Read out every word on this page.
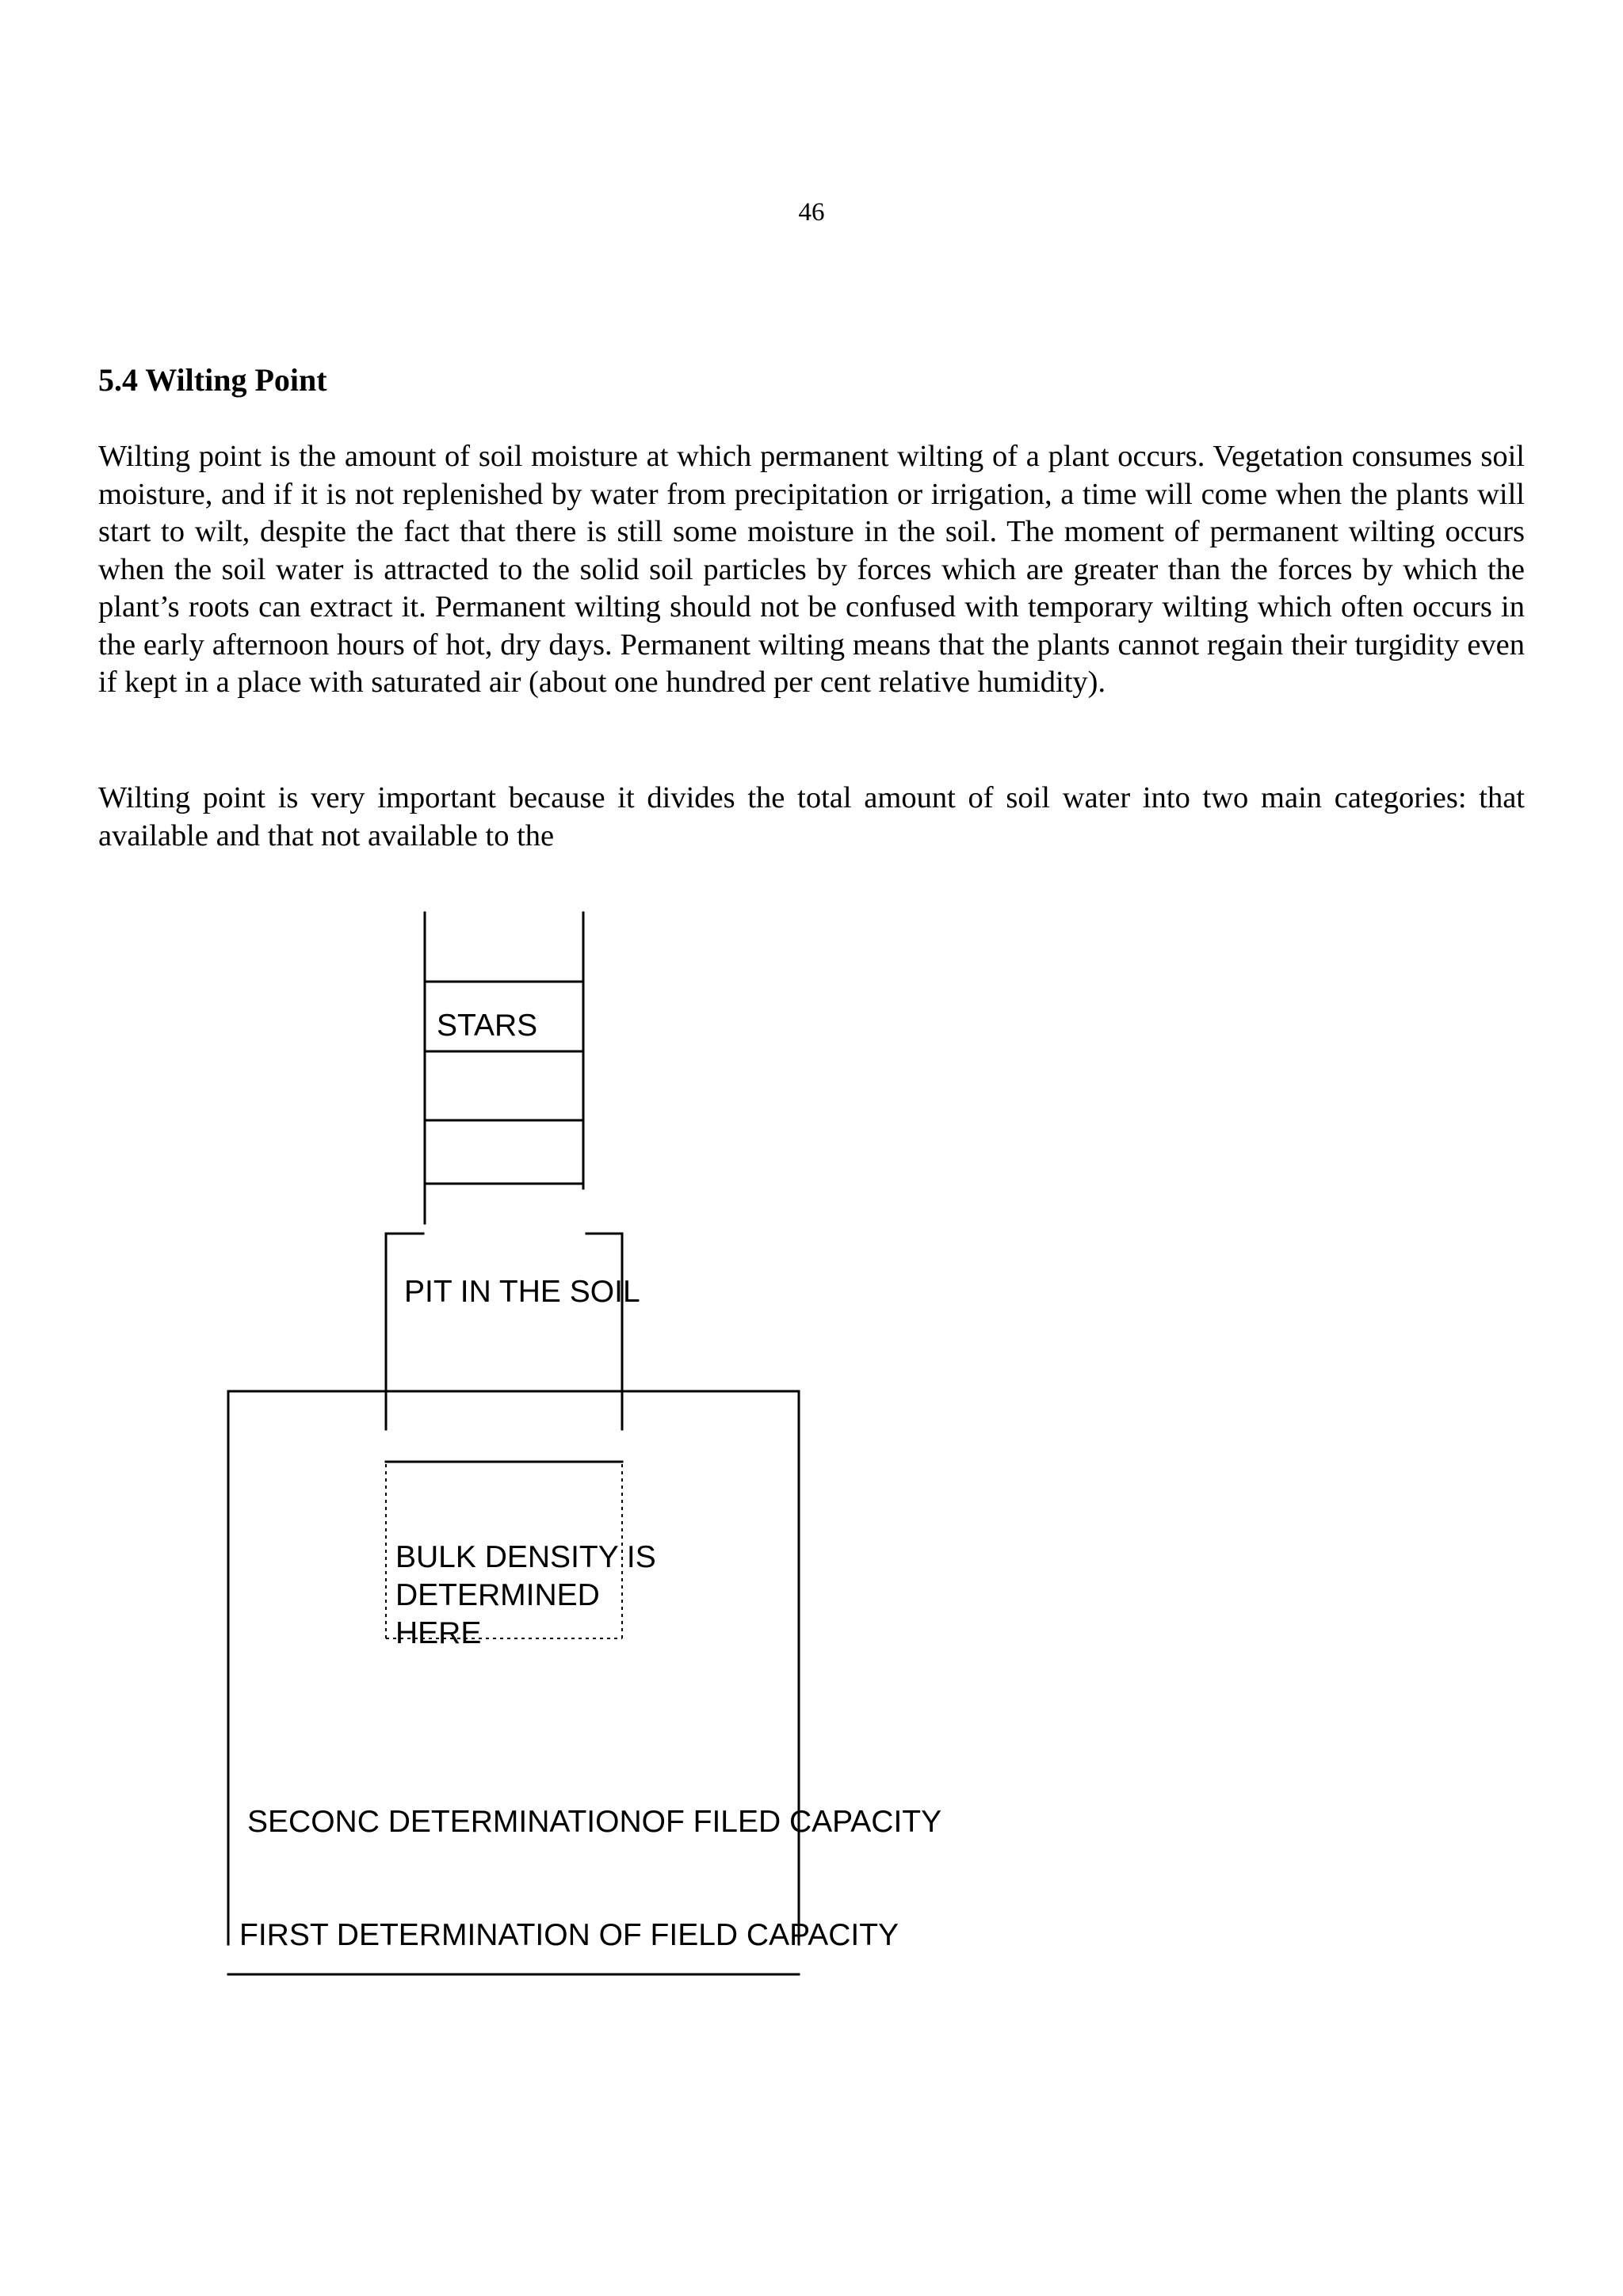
46
5.4 Wilting Point

Wilting point is the amount of soil moisture at which permanent wilting of a plant occurs. Vegetation consumes soil moisture, and if it is not replenished by water from precipitation or irrigation, a time will come when the plants will start to wilt, despite the fact that there is still some moisture in the soil. The moment of permanent wilting occurs when the soil water is attracted to the solid soil particles by forces which are greater than the forces by which the plant’s roots can extract it. Permanent wilting should not be confused with temporary wilting which often occurs in the early afternoon hours of hot, dry days. Permanent wilting means that the plants cannot regain their turgidity even if kept in a place with saturated air (about one hundred per cent relative humidity).

Wilting point is very important because it divides the total amount of soil water into two main categories: that available and that not available to the

STARS
PIT IN THE SOIL
BULK DENSITY IS
DETERMINED
HERE
SECONC DETERMINATIONOF FILED CAPACITY
FIRST DETERMINATION OF FIELD CAPACITY
